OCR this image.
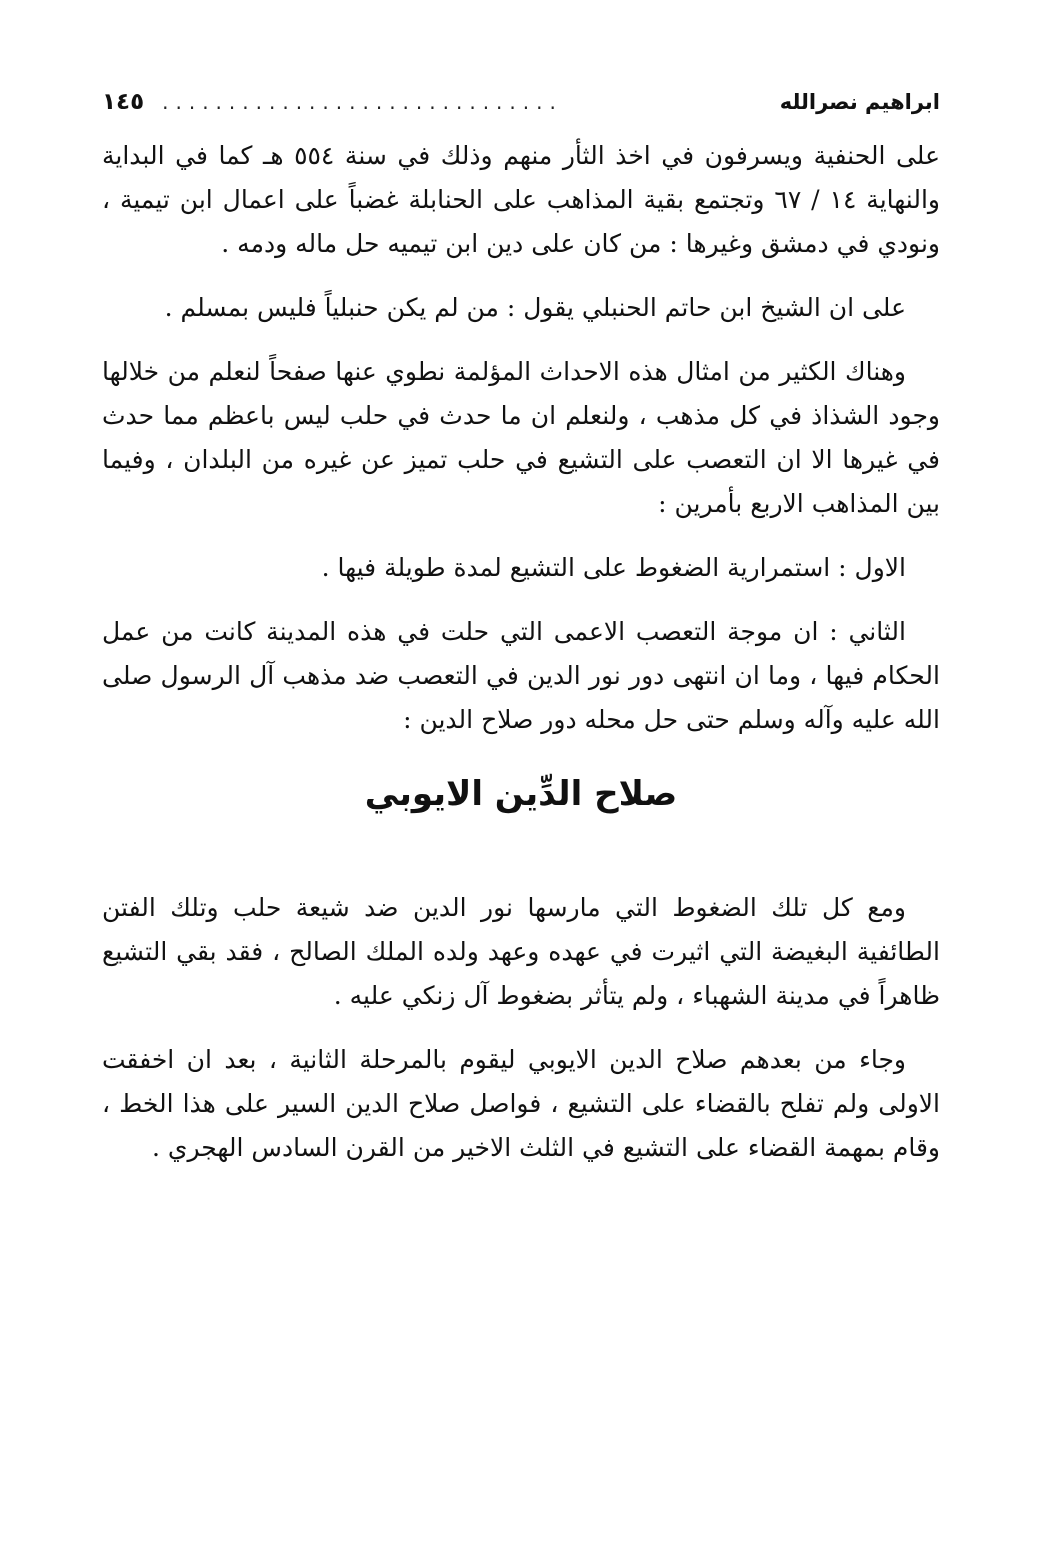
ابراهيم نصرالله
..............................
١٤٥

على الحنفية ويسرفون في اخذ الثأر منهم وذلك في سنة ٥٥٤ هـ كما في البداية والنهاية ١٤ / ٦٧ وتجتمع بقية المذاهب على الحنابلة غضباً على اعمال ابن تيمية ، ونودي في دمشق وغيرها : من كان على دين ابن تيميه حل ماله ودمه .

على ان الشيخ ابن حاتم الحنبلي يقول : من لم يكن حنبلياً فليس بمسلم .

وهناك الكثير من امثال هذه الاحداث المؤلمة نطوي عنها صفحاً لنعلم من خلالها وجود الشذاذ في كل مذهب ، ولنعلم ان ما حدث في حلب ليس باعظم مما حدث في غيرها الا ان التعصب على التشيع في حلب تميز عن غيره من البلدان ، وفيما بين المذاهب الاربع بأمرين :

الاول : استمرارية الضغوط على التشيع لمدة طويلة فيها .

الثاني : ان موجة التعصب الاعمى التي حلت في هذه المدينة كانت من عمل الحكام فيها ، وما ان انتهى دور نور الدين في التعصب ضد مذهب آل الرسول صلى الله عليه وآله وسلم حتى حل محله دور صلاح الدين :

صلاح الدِّين الايوبي

ومع كل تلك الضغوط التي مارسها نور الدين ضد شيعة حلب وتلك الفتن الطائفية البغيضة التي اثيرت في عهده وعهد ولده الملك الصالح ، فقد بقي التشيع ظاهراً في مدينة الشهباء ، ولم يتأثر بضغوط آل زنكي عليه .

وجاء من بعدهم صلاح الدين الايوبي ليقوم بالمرحلة الثانية ، بعد ان اخفقت الاولى ولم تفلح بالقضاء على التشيع ، فواصل صلاح الدين السير على هذا الخط ، وقام بمهمة القضاء على التشيع في الثلث الاخير من القرن السادس الهجري .
